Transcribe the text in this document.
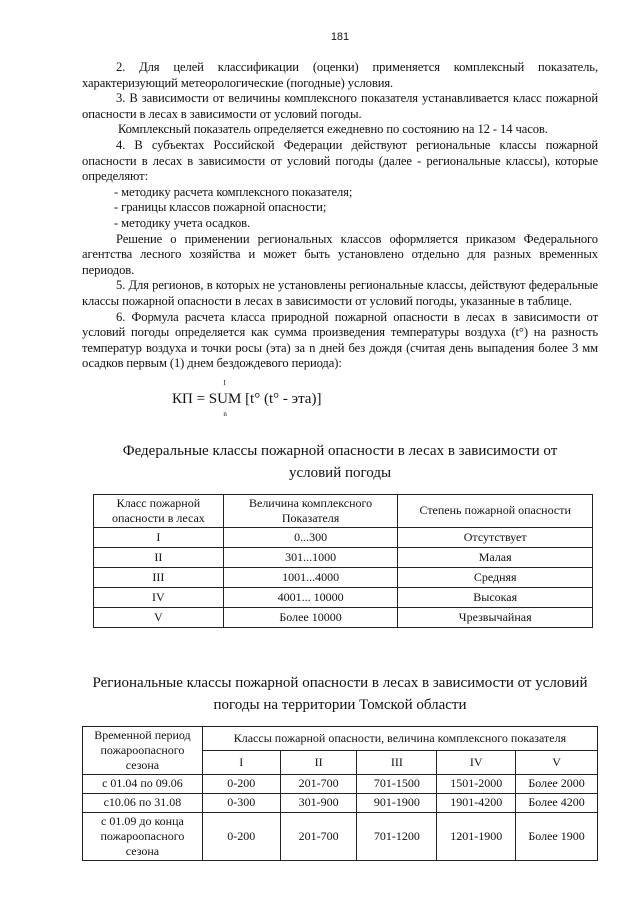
181

2. Для целей классификации (оценки) применяется комплексный показатель, характеризующий метеорологические (погодные) условия.

3. В зависимости от величины комплексного показателя устанавливается класс пожарной опасности в лесах в зависимости от условий погоды.

Комплексный показатель определяется ежедневно по состоянию на 12 - 14 часов.

4. В субъектах Российской Федерации действуют региональные классы пожарной опасности в лесах в зависимости от условий погоды (далее - региональные классы), которые определяют:

- методику расчета комплексного показателя;

- границы классов пожарной опасности;

- методику учета осадков.

Решение о применении региональных классов оформляется приказом Федерального агентства лесного хозяйства и может быть установлено отдельно для разных временных периодов.

5. Для регионов, в которых не установлены региональные классы, действуют федеральные классы пожарной опасности в лесах в зависимости от условий погоды, указанные в таблице.

6. Формула расчета класса природной пожарной опасности в лесах в зависимости от условий погоды определяется как сумма произведения температуры воздуха (t°) на разность температур воздуха и точки росы (эта) за n дней без дождя (считая день выпадения более 3 мм осадков первым (1) днем бездождевого периода):

КП = SUM
I
n
[t° (t° - эта)]
Федеральные классы пожарной опасности в лесах в зависимости от
условий погоды
Класс пожарной опасности в лесах	Величина комплексного Показателя	Степень пожарной опасности
I	0...300	Отсутствует
II	301...1000	Малая
III	1001...4000	Средняя
IV	4001... 10000	Высокая
V	Более 10000	Чрезвычайная
Региональные классы пожарной опасности в лесах в зависимости от условий
погоды на территории Томской области
Временной период пожароопасного сезона	Классы пожарной опасности, величина комплексного показателя				
	I	II	III	IV	V
с 01.04 по 09.06	0-200	201-700	701-1500	1501-2000	Более 2000
с10.06 по 31.08	0-300	301-900	901-1900	1901-4200	Более 4200
с 01.09 до конца пожароопасного сезона	0-200	201-700	701-1200	1201-1900	Более 1900
